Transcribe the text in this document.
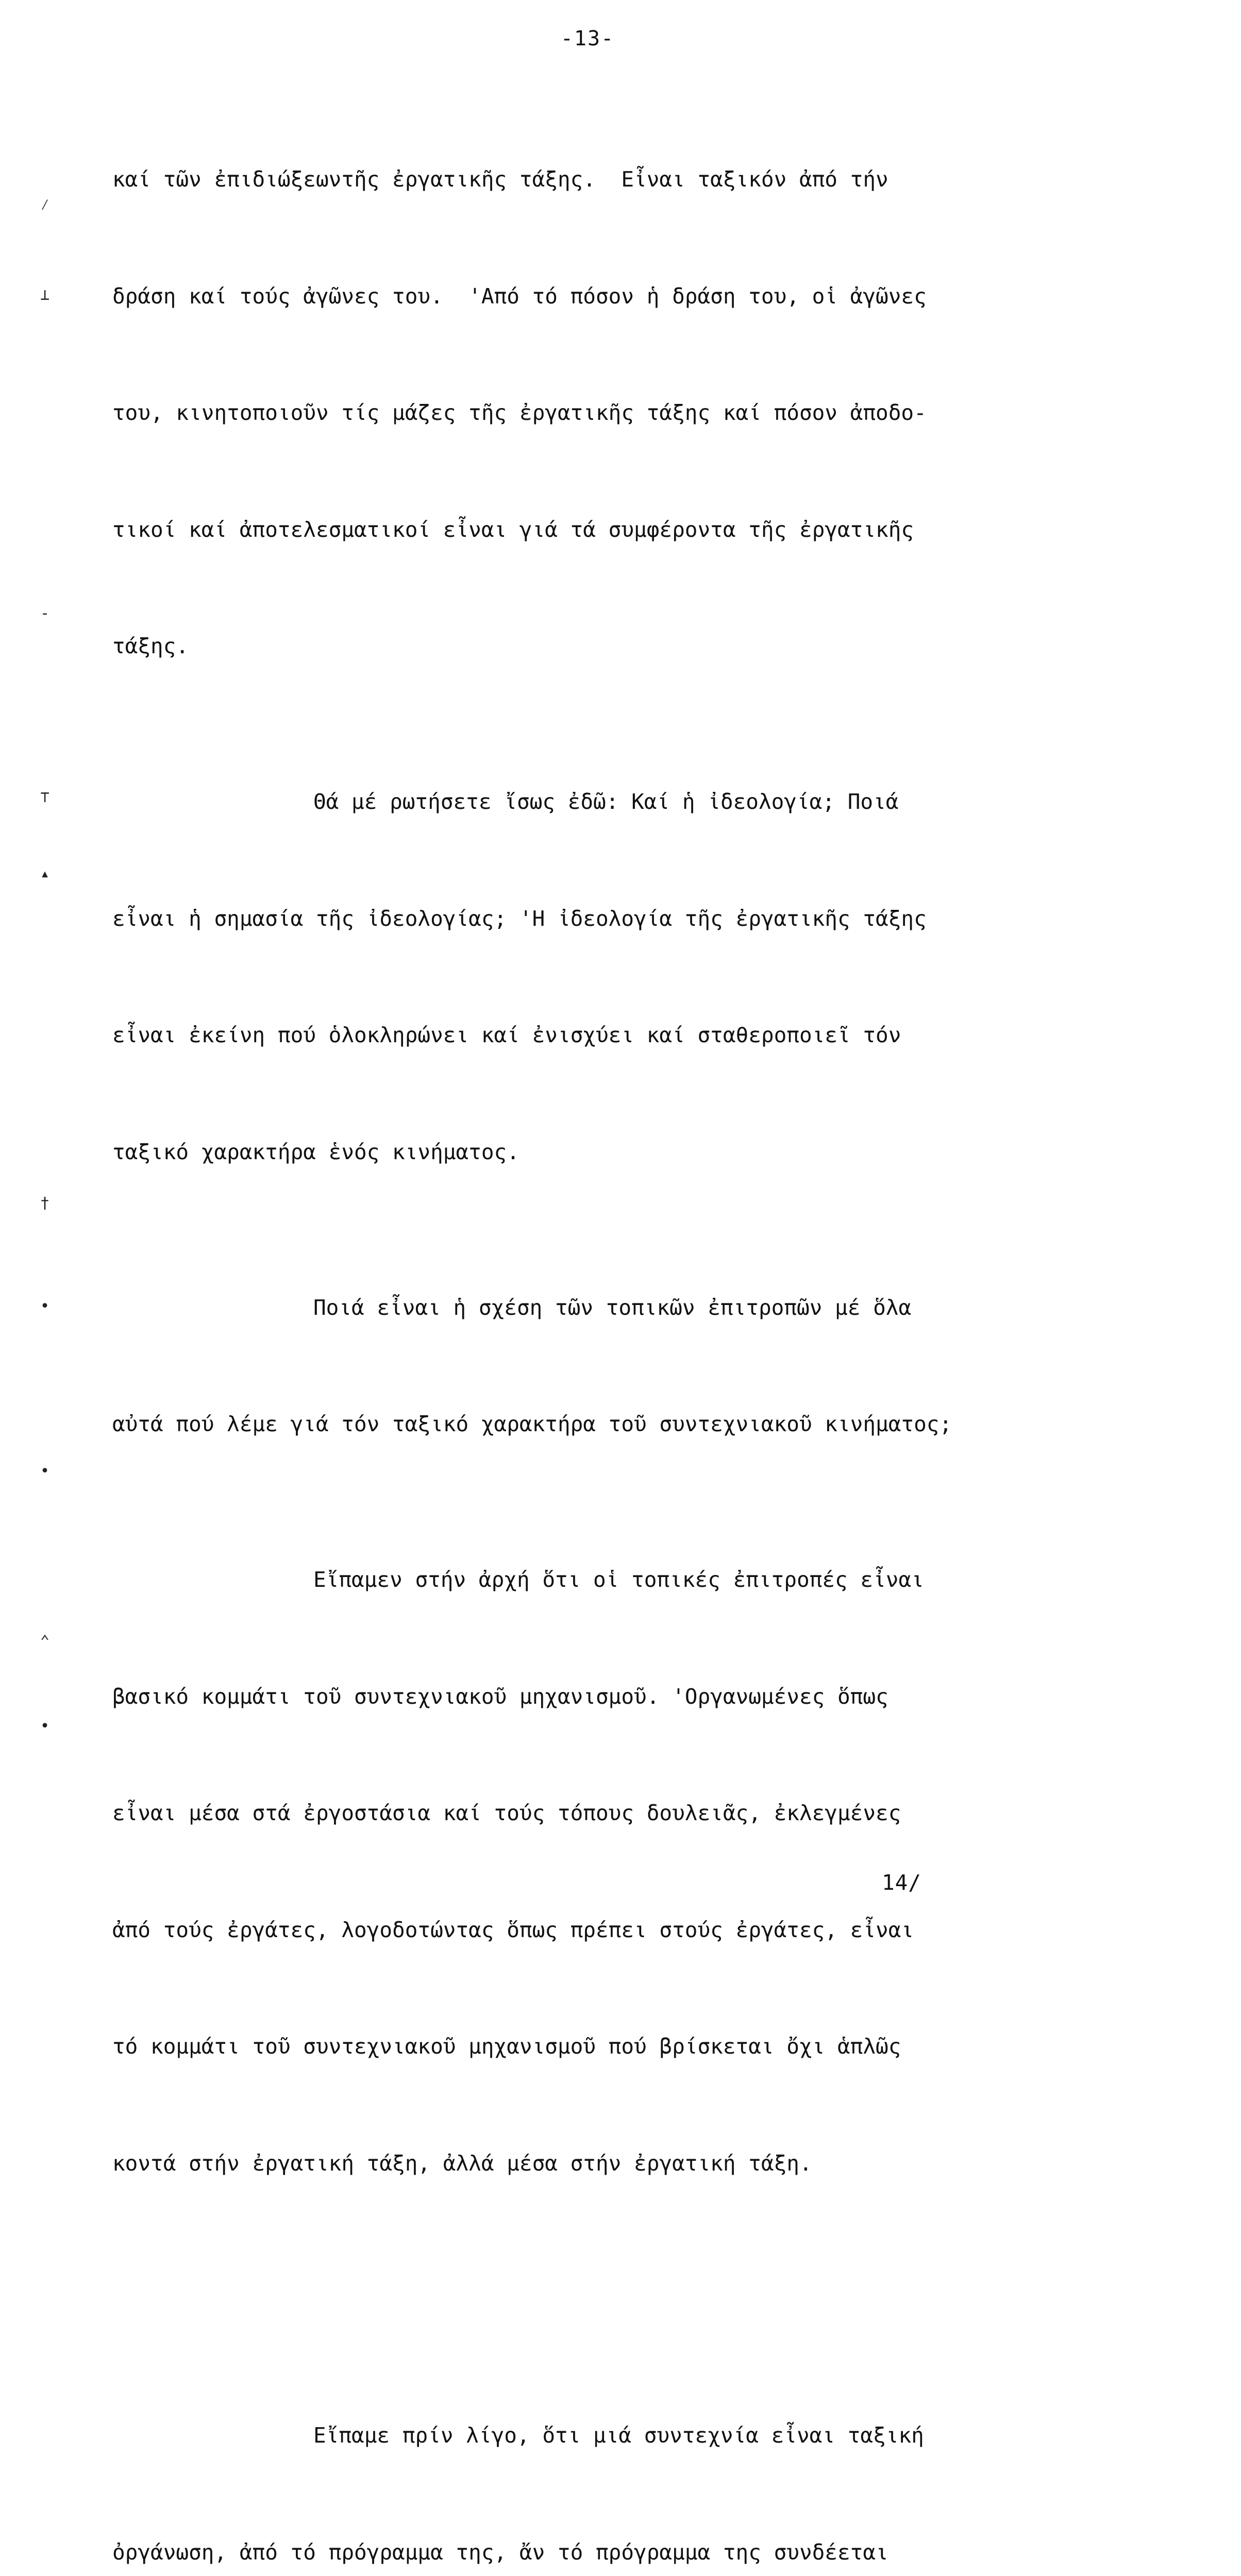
-13-

καί τῶν ἐπιδιώξεωντῆς ἐργατικῆς τάξης.  Εἶναι ταξικόν ἀπό τήν

δράση καί τούς ἀγῶνες του.  'Από τό πόσον ἡ δράση του, οἱ ἀγῶνες

του, κινητοποιοῦν τίς μάζες τῆς ἐργατικῆς τάξης καί πόσον ἀποδο-

τικοί καί ἀποτελεσματικοί εἶναι γιά τά συμφέροντα τῆς ἐργατικῆς

τάξης.

Θά μέ ρωτήσετε ἴσως ἐδῶ: Καί ἡ ἰδεολογία; Ποιά

εἶναι ἡ σημασία τῆς ἰδεολογίας; 'Η ἰδεολογία τῆς ἐργατικῆς τάξης

εἶναι ἐκείνη πού ὁλοκληρώνει καί ἐνισχύει καί σταθεροποιεῖ τόν

ταξικό χαρακτήρα ἑνός κινήματος.

Ποιά εἶναι ἡ σχέση τῶν τοπικῶν ἐπιτροπῶν μέ ὅλα

αὐτά πού λέμε γιά τόν ταξικό χαρακτήρα τοῦ συντεχνιακοῦ κινήματος;

Εἴπαμεν στήν ἀρχή ὅτι οἱ τοπικές ἐπιτροπές εἶναι

βασικό κομμάτι τοῦ συντεχνιακοῦ μηχανισμοῦ. 'Οργανωμένες ὅπως

εἶναι μέσα στά ἐργοστάσια καί τούς τόπους δουλειᾶς, ἐκλεγμένες

ἀπό τούς ἐργάτες, λογοδοτώντας ὅπως πρέπει στούς ἐργάτες, εἶναι

τό κομμάτι τοῦ συντεχνιακοῦ μηχανισμοῦ πού βρίσκεται ὄχι ἁπλῶς

κοντά στήν ἐργατική τάξη, ἀλλά μέσα στήν ἐργατική τάξη.

Εἴπαμε πρίν λίγο, ὅτι μιά συντεχνία εἶναι ταξική

ὀργάνωση, ἀπό τό πρόγραμμα της, ἄν τό πρόγραμμα της συνδέεται

14/
⁄
⊥
-
⊤
▴
†
•
•
⌃
•
